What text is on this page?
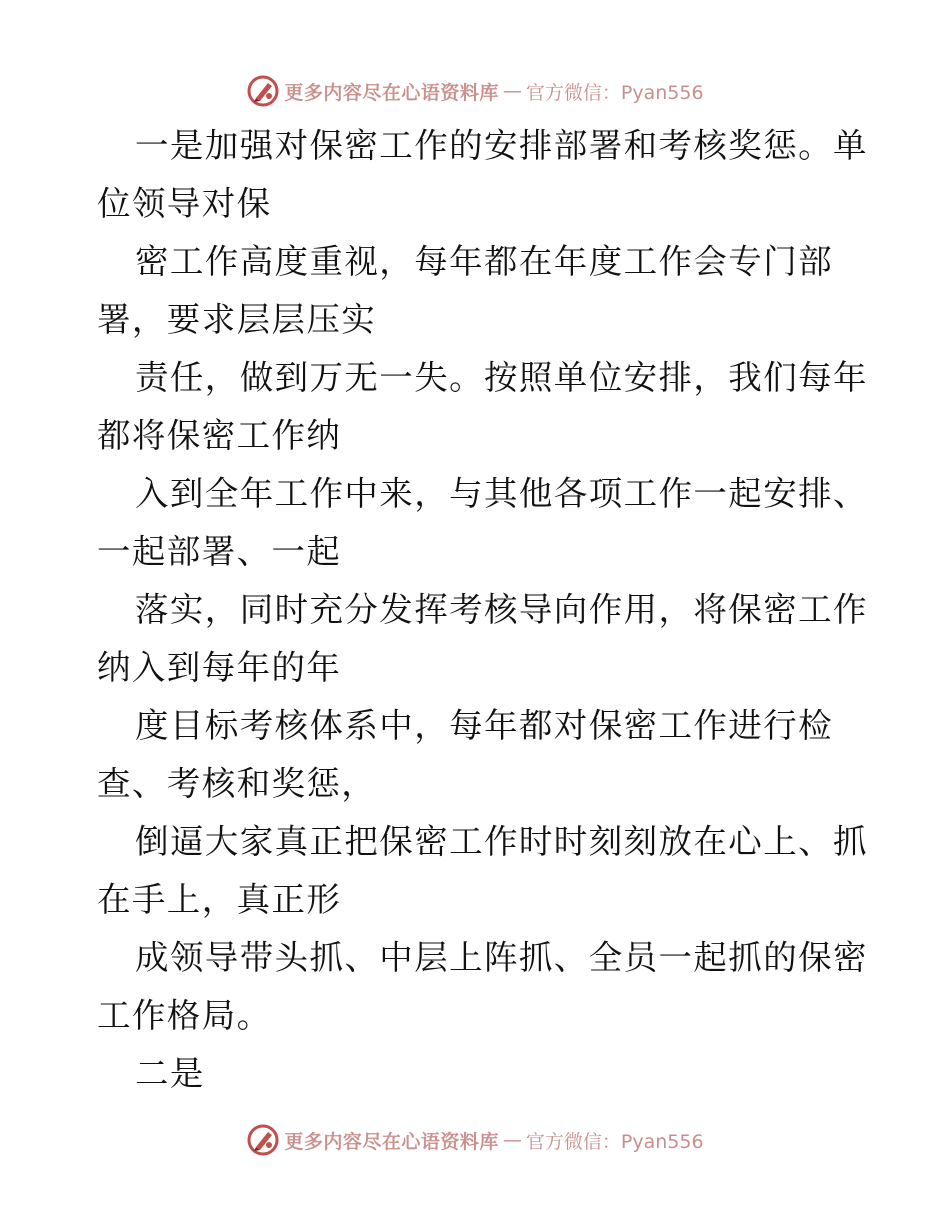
更多内容尽在心语资料库 — 官方微信：Pyan556
一是加强对保密工作的安排部署和考核奖惩。单
位领导对保
密工作高度重视，每年都在年度工作会专门部
署，要求层层压实
责任，做到万无一失。按照单位安排，我们每年
都将保密工作纳
入到全年工作中来，与其他各项工作一起安排、
一起部署、一起
落实，同时充分发挥考核导向作用，将保密工作
纳入到每年的年
度目标考核体系中，每年都对保密工作进行检
查、考核和奖惩，
倒逼大家真正把保密工作时时刻刻放在心上、抓
在手上，真正形
成领导带头抓、中层上阵抓、全员一起抓的保密
工作格局。
二是
更多内容尽在心语资料库 — 官方微信：Pyan556
